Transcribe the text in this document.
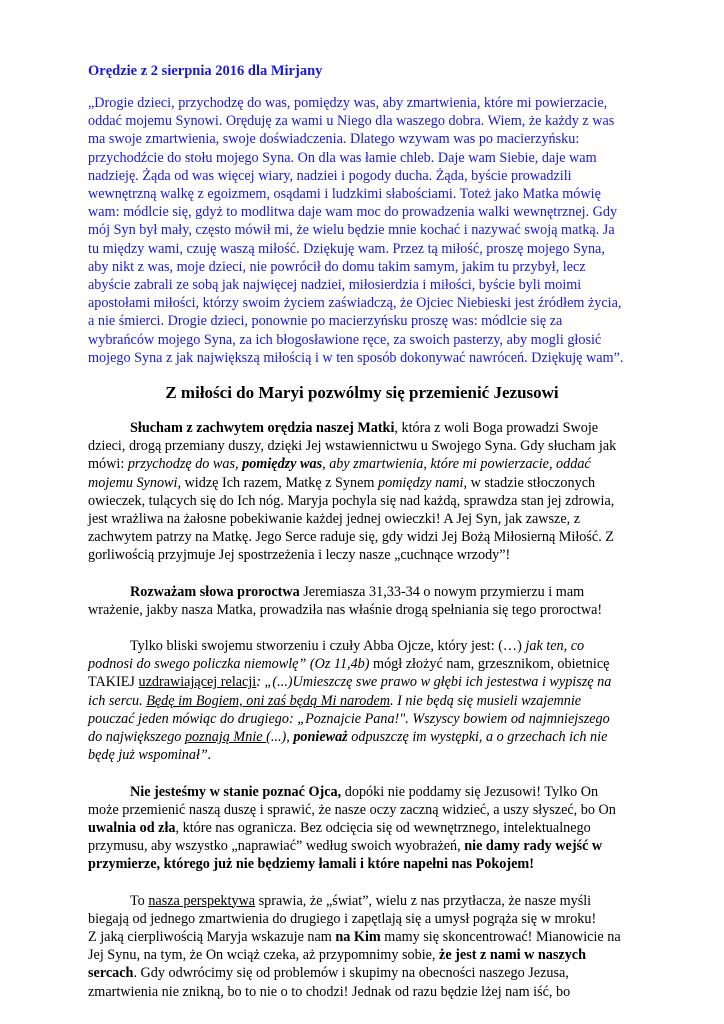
Orędzie z 2 sierpnia 2016 dla Mirjany
„Drogie dzieci, przychodzę do was, pomiędzy was, aby zmartwienia, które mi powierzacie,
oddać mojemu Synowi. Oręduję za wami u Niego dla waszego dobra. Wiem, że każdy z was
ma swoje zmartwienia, swoje doświadczenia. Dlatego wzywam was po macierzyńsku:
przychodźcie do stołu mojego Syna. On dla was łamie chleb. Daje wam Siebie, daje wam
nadzieję. Żąda od was więcej wiary, nadziei i pogody ducha. Żąda, byście prowadzili
wewnętrzną walkę z egoizmem, osądami i ludzkimi słabościami. Toteż jako Matka mówię
wam: módlcie się, gdyż to modlitwa daje wam moc do prowadzenia walki wewnętrznej. Gdy
mój Syn był mały, często mówił mi, że wielu będzie mnie kochać i nazywać swoją matką. Ja
tu między wami, czuję waszą miłość. Dziękuję wam. Przez tą miłość, proszę mojego Syna,
aby nikt z was, moje dzieci, nie powrócił do domu takim samym, jakim tu przybył, lecz
abyście zabrali ze sobą jak najwięcej nadziei, miłosierdzia i miłości, byście byli moimi
apostołami miłości, którzy swoim życiem zaświadczą, że Ojciec Niebieski jest źródłem życia,
a nie śmierci. Drogie dzieci, ponownie po macierzyńsku proszę was: módlcie się za
wybrańców mojego Syna, za ich błogosławione ręce, za swoich pasterzy, aby mogli głosić
mojego Syna z jak największą miłością i w ten sposób dokonywać nawróceń. Dziękuję wam”.
Z miłości do Maryi pozwólmy się przemienić Jezusowi
Słucham z zachwytem orędzia naszej Matki, która z woli Boga prowadzi Swoje
dzieci, drogą przemiany duszy, dzięki Jej wstawiennictwu u Swojego Syna. Gdy słucham jak
mówi: przychodzę do was, pomiędzy was, aby zmartwienia, które mi powierzacie, oddać
mojemu Synowi, widzę Ich razem, Matkę z Synem pomiędzy nami, w stadzie stłoczonych
owieczek, tulących się do Ich nóg. Maryja pochyla się nad każdą, sprawdza stan jej zdrowia,
jest wrażliwa na żałosne pobekiwanie każdej jednej owieczki! A Jej Syn, jak zawsze, z
zachwytem patrzy na Matkę. Jego Serce raduje się, gdy widzi Jej Bożą Miłosierną Miłość. Z
gorliwością przyjmuje Jej spostrzeżenia i leczy nasze „cuchnące wrzody”!
Rozważam słowa proroctwa Jeremiasza 31,33-34 o nowym przymierzu i mam
wrażenie, jakby nasza Matka, prowadziła nas właśnie drogą spełniania się tego proroctwa!
Tylko bliski swojemu stworzeniu i czuły Abba Ojcze, który jest: (…) jak ten, co
podnosi do swego policzka niemowlę” (Oz 11,4b) mógł złożyć nam, grzesznikom, obietnicę
TAKIEJ uzdrawiającej relacji: „(...)Umieszczę swe prawo w głębi ich jestestwa i wypiszę na
ich sercu. Będę im Bogiem, oni zaś będą Mi narodem. I nie będą się musieli wzajemnie
pouczać jeden mówiąc do drugiego: „Poznajcie Pana!". Wszyscy bowiem od najmniejszego
do największego poznają Mnie (...), ponieważ odpuszczę im występki, a o grzechach ich nie
będę już wspominał”.
Nie jesteśmy w stanie poznać Ojca, dopóki nie poddamy się Jezusowi! Tylko On
może przemienić naszą duszę i sprawić, że nasze oczy zaczną widzieć, a uszy słyszeć, bo On
uwalnia od zła, które nas ogranicza. Bez odcięcia się od wewnętrznego, intelektualnego
przymusu, aby wszystko „naprawiać” według swoich wyobrażeń, nie damy rady wejść w
przymierze, którego już nie będziemy łamali i które napełni nas Pokojem!
To nasza perspektywa sprawia, że „świat”, wielu z nas przytłacza, że nasze myśli
biegają od jednego zmartwienia do drugiego i zapętlają się a umysł pogrąża się w mroku!
Z jaką cierpliwością Maryja wskazuje nam na Kim mamy się skoncentrować! Mianowicie na
Jej Synu, na tym, że On wciąż czeka, aż przypomnimy sobie, że jest z nami w naszych
sercach. Gdy odwrócimy się od problemów i skupimy na obecności naszego Jezusa,
zmartwienia nie znikną, bo to nie o to chodzi! Jednak od razu będzie lżej nam iść, bo
